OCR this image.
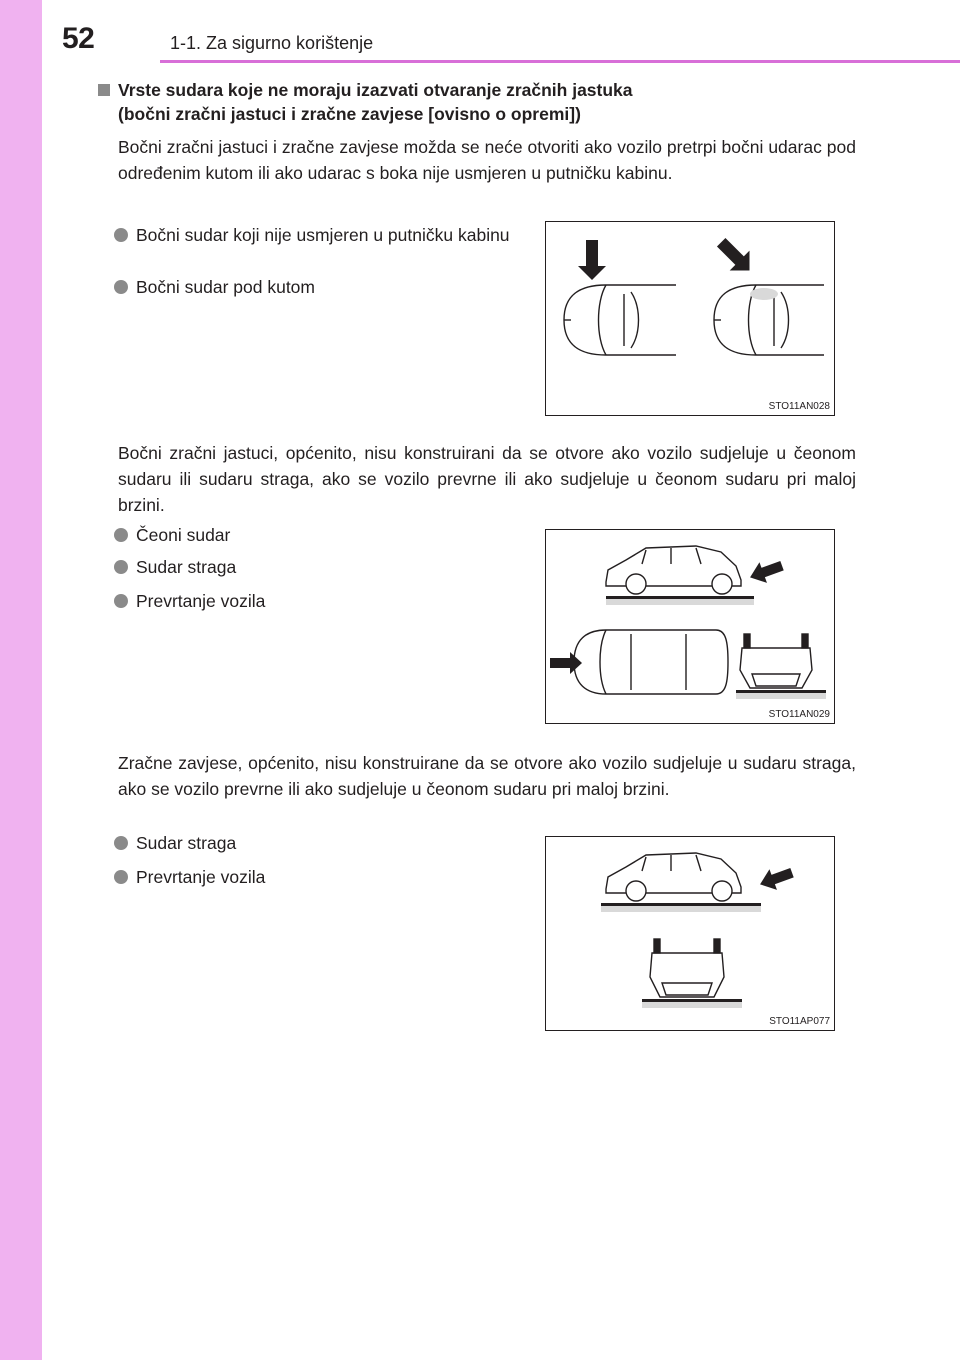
52	1-1. Za sigurno korištenje
Vrste sudara koje ne moraju izazvati otvaranje zračnih jastuka
(bočni zračni jastuci i zračne zavjese [ovisno o opremi])
Bočni zračni jastuci i zračne zavjese možda se neće otvoriti ako vozilo pretrpi bočni udarac pod određenim kutom ili ako udarac s boka nije usmjeren u putničku kabinu.
Bočni sudar koji nije usmjeren u putničku kabinu
Bočni sudar pod kutom
STO11AN028
Bočni zračni jastuci, općenito, nisu konstruirani da se otvore ako vozilo sudjeluje u čeonom sudaru ili sudaru straga, ako se vozilo prevrne ili ako sudjeluje u čeonom sudaru pri maloj brzini.
Čeoni sudar
Sudar straga
Prevrtanje vozila
STO11AN029
Zračne zavjese, općenito, nisu konstruirane da se otvore ako vozilo sudjeluje u sudaru straga, ako se vozilo prevrne ili ako sudjeluje u čeonom sudaru pri maloj brzini.
Sudar straga
Prevrtanje vozila
STO11AP077
